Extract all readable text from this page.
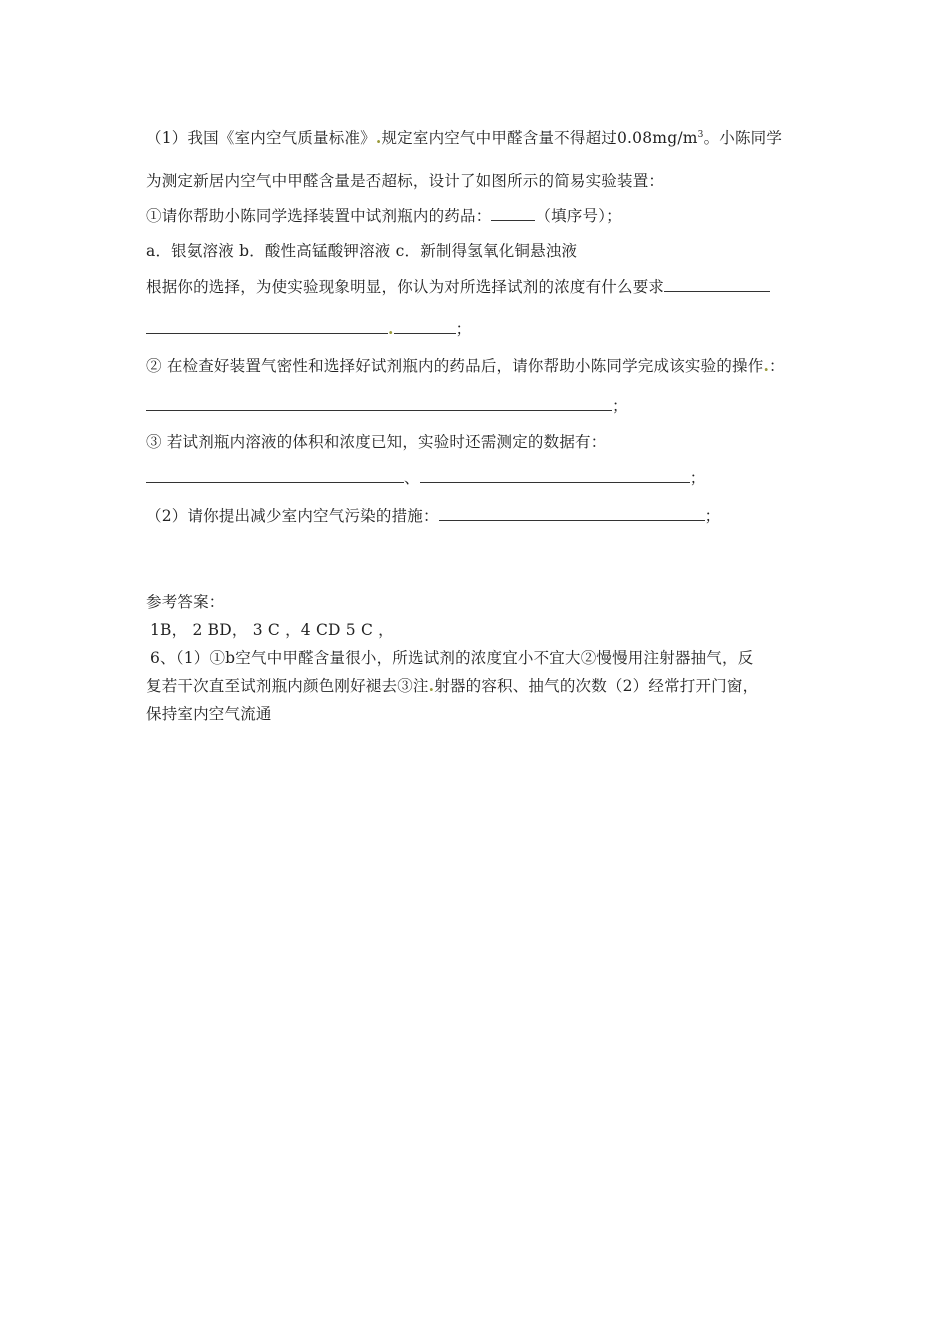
（1）我国《室内空气质量标准》.规定室内空气中甲醛含量不得超过$0.08mg/m^3$。小陈同学
为测定新居内空气中甲醛含量是否超标，设计了如图所示的简易实验装置：
①请你帮助小陈同学选择装置中试剂瓶内的药品：	（填序号）；
a．银氨溶液 b．酸性高锰酸钾溶液 c．新制得氢氧化铜悬浊液
根据你的选择，为使实验现象明显，你认为对所选择试剂的浓度有什么要求
.	；
② 在检查好装置气密性和选择好试剂瓶内的药品后，请你帮助小陈同学完成该实验的操作.：
；
③ 若试剂瓶内溶液的体积和浓度已知，实验时还需测定的数据有：
、	；
（2）请你提出减少室内空气污染的措施：	；
参考答案：
1B， 2 BD， 3 C ，4 CD 5 C ，
6、（1）①b空气中甲醛含量很小，所选试剂的浓度宜小不宜大②慢慢用注射器抽气，反
复若干次直至试剂瓶内颜色刚好褪去③注.射器的容积、抽气的次数（2）经常打开门窗，
保持室内空气流通
